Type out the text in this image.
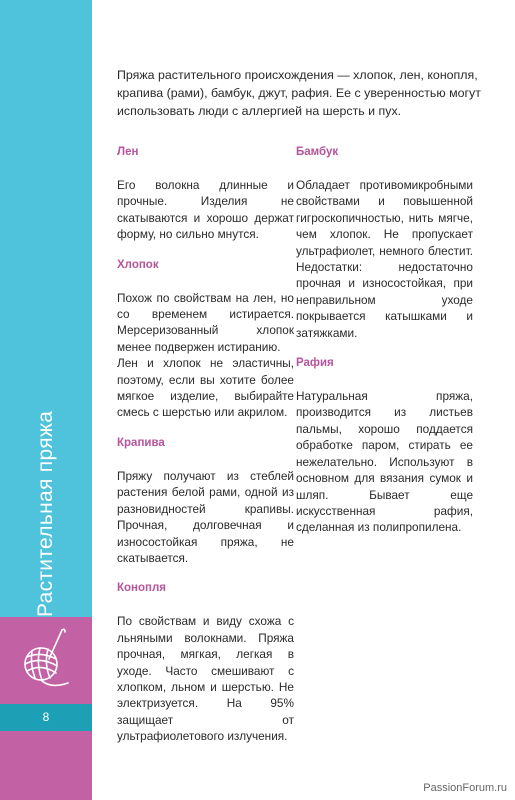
Растительная пряжа
8

Пряжа растительного происхождения — хлопок, лен, конопля, крапива (рами), бамбук, джут, рафия. Ее с уверенностью могут использовать люди с аллергией на шерсть и пух.

Лен

Его волокна длинные и прочные. Изделия не скатываются и хорошо держат форму, но сильно мнутся.

Хлопок

Похож по свойствам на лен, но со временем истирается. Мерсеризованный хлопок менее подвержен истиранию.

Лен и хлопок не эластичны, поэтому, если вы хотите более мягкое изделие, выбирайте смесь с шерстью или акрилом.

Крапива

Пряжу получают из стеблей растения белой рами, одной из разновидностей крапивы. Прочная, долговечная и износостойкая пряжа, не скатывается.

Конопля

По свойствам и виду схожа с льняными волокнами. Пряжа прочная, мягкая, легкая в уходе. Часто смешивают с хлопком, льном и шерстью. Не электризуется. На 95% защищает от ультрафиолетового излучения.

Бамбук

Обладает противомикробными свойствами и повышенной гигроскопичностью, нить мягче, чем хлопок. Не пропускает ультрафиолет, немного блестит. Недостатки: недостаточно прочная и износостойкая, при неправильном уходе покрывается катышками и затяжками.

Рафия

Натуральная пряжа, производится из листьев пальмы, хорошо поддается обработке паром, стирать ее нежелательно. Используют в основном для вязания сумок и шляп. Бывает еще искусственная рафия, сделанная из полипропилена.

PassionForum.ru
